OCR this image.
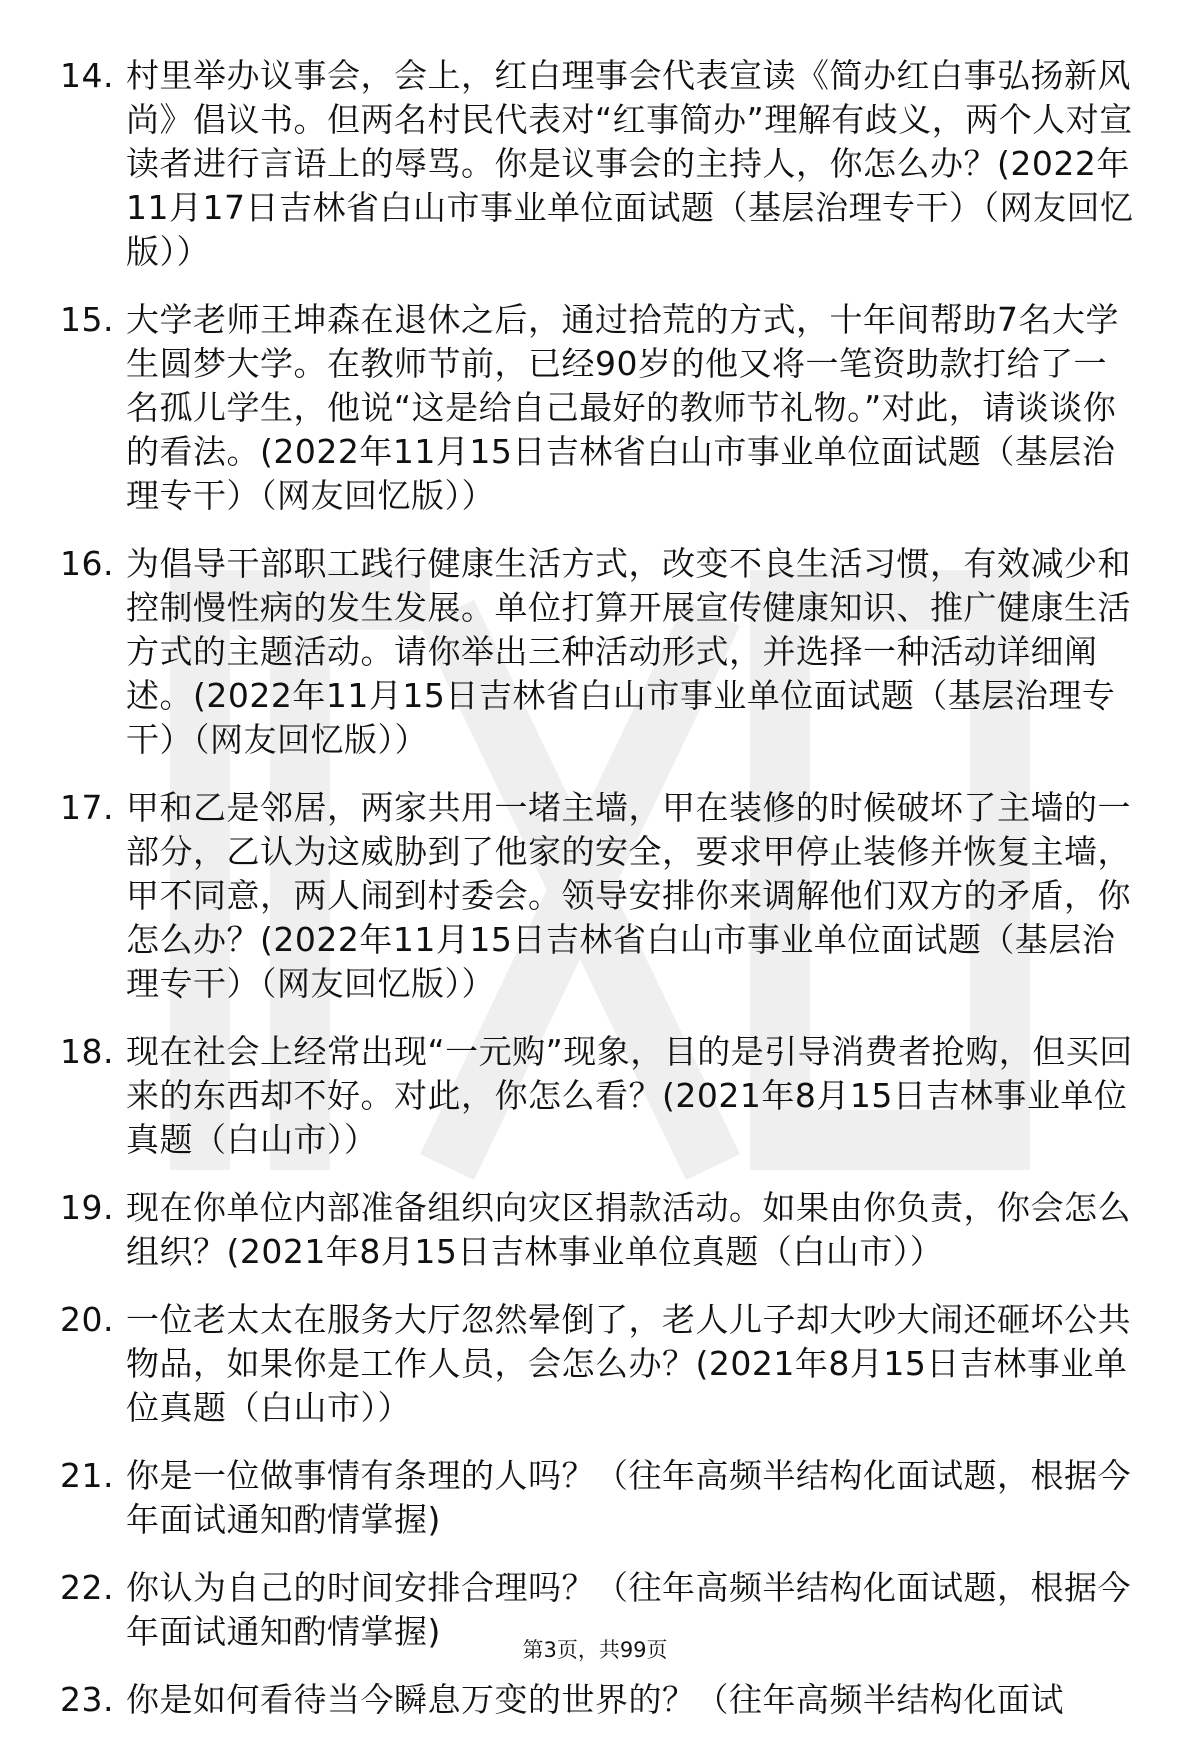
14. 村里举办议事会，会上，红白理事会代表宣读《简办红白事弘扬新风尚》倡议书。但两名村民代表对“红事简办”理解有歧义，两个人对宣读者进行言语上的辱骂。你是议事会的主持人，你怎么办？(2022年11月17日吉林省白山市事业单位面试题（基层治理专干）（网友回忆版））
15. 大学老师王坤森在退休之后，通过拾荒的方式，十年间帮助7名大学生圆梦大学。在教师节前，已经90岁的他又将一笔资助款打给了一名孤儿学生，他说“这是给自己最好的教师节礼物。”对此，请谈谈你的看法。(2022年11月15日吉林省白山市事业单位面试题（基层治理专干）（网友回忆版））
16. 为倡导干部职工践行健康生活方式，改变不良生活习惯，有效减少和控制慢性病的发生发展。单位打算开展宣传健康知识、推广健康生活方式的主题活动。请你举出三种活动形式，并选择一种活动详细阐述。(2022年11月15日吉林省白山市事业单位面试题（基层治理专干）（网友回忆版））
17. 甲和乙是邻居，两家共用一堵主墙，甲在装修的时候破坏了主墙的一部分，乙认为这威胁到了他家的安全，要求甲停止装修并恢复主墙，甲不同意，两人闹到村委会。领导安排你来调解他们双方的矛盾，你怎么办？(2022年11月15日吉林省白山市事业单位面试题（基层治理专干）（网友回忆版））
18. 现在社会上经常出现“一元购”现象，目的是引导消费者抢购，但买回来的东西却不好。对此，你怎么看？(2021年8月15日吉林事业单位真题（白山市））
19. 现在你单位内部准备组织向灾区捐款活动。如果由你负责，你会怎么组织？(2021年8月15日吉林事业单位真题（白山市））
20. 一位老太太在服务大厅忽然晕倒了，老人儿子却大吵大闹还砸坏公共物品，如果你是工作人员，会怎么办？(2021年8月15日吉林事业单位真题（白山市））
21. 你是一位做事情有条理的人吗？（往年高频半结构化面试题，根据今年面试通知酌情掌握)
22. 你认为自己的时间安排合理吗？（往年高频半结构化面试题，根据今年面试通知酌情掌握)
23. 你是如何看待当今瞬息万变的世界的？（往年高频半结构化面试
第3页，共99页
